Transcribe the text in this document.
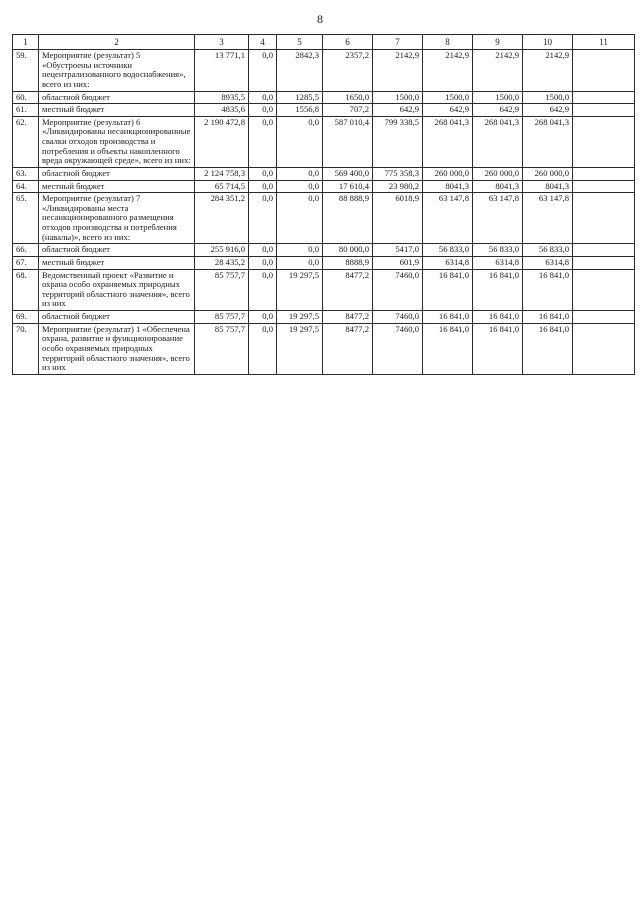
8
1	2	3	4	5	6	7	8	9	10	11
59.	Мероприятие (результат) 5 «Обустроены источники нецентрализованного водоснабжения», всего из них:	13 771,1	0,0	2842,3	2357,2	2142,9	2142,9	2142,9	2142,9	
60.	областной бюджет	8935,5	0,0	1285,5	1650,0	1500,0	1500,0	1500,0	1500,0	
61.	местный бюджет	4835,6	0,0	1556,8	707,2	642,9	642,9	642,9	642,9	
62.	Мероприятие (результат) 6 «Ликвидированы несанкционированные свалки отходов производства и потребления и объекты накопленного вреда окружающей среде», всего из них:	2 190 472,8	0,0	0,0	587 010,4	799 338,5	268 041,3	268 041,3	268 041,3	
63.	областной бюджет	2 124 758,3	0,0	0,0	569 400,0	775 358,3	260 000,0	260 000,0	260 000,0	
64.	местный бюджет	65 714,5	0,0	0,0	17 610,4	23 980,2	8041,3	8041,3	8041,3	
65.	Мероприятие (результат) 7 «Ликвидированы места несанкционированного размещения отходов производства и потребления (навалы)», всего из них:	284 351,2	0,0	0,0	88 888,9	6018,9	63 147,8	63 147,8	63 147,8	
66.	областной бюджет	255 916,0	0,0	0,0	80 000,0	5417,0	56 833,0	56 833,0	56 833,0	
67.	местный бюджет	28 435,2	0,0	0,0	8888,9	601,9	6314,8	6314,8	6314,8	
68.	Ведомственный проект «Развитие и охрана особо охраняемых природных территорий областного значения», всего из них	85 757,7	0,0	19 297,5	8477,2	7460,0	16 841,0	16 841,0	16 841,0	
69.	областной бюджет	85 757,7	0,0	19 297,5	8477,2	7460,0	16 841,0	16 841,0	16 841,0	
70.	Мероприятие (результат) 1 «Обеспечена охрана, развитие и функционирование особо охраняемых природных территорий областного значения», всего из них	85 757,7	0,0	19 297,5	8477,2	7460,0	16 841,0	16 841,0	16 841,0	
